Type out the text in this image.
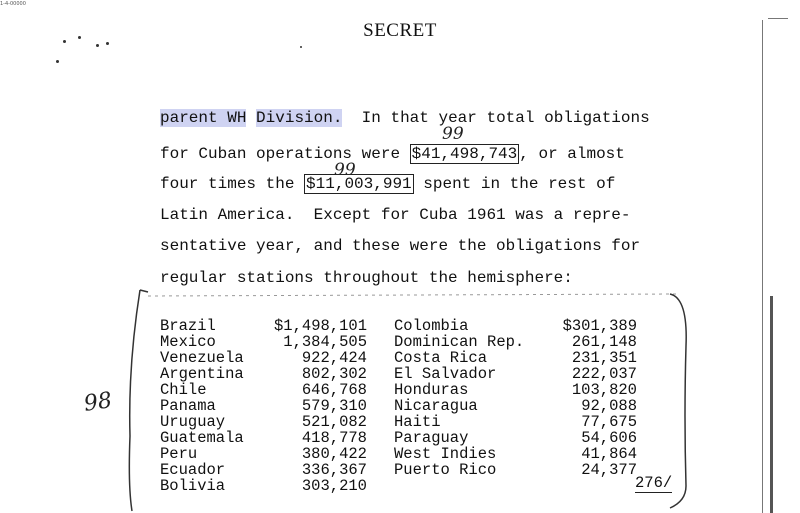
1-4-00000
SECRET
parent WH Division.  In that year total obligations
for Cuban operations were $41,498,743 , or almost
four times the $11,003,991 spent in the rest of
Latin America.  Except for Cuba 1961 was a repre-
sentative year, and these were the obligations for
regular stations throughout the hemisphere:
99
99
98
Brazil	$1,498,101 Colombia	$301,389
Mexico	1,384,505 Dominican Rep.	261,148
Venezuela	922,424 Costa Rica	231,351
Argentina	802,302 El Salvador	222,037
Chile	646,768 Honduras	103,820
Panama	579,310 Nicaragua	92,088
Uruguay	521,082 Haiti	77,675
Guatemala	418,778 Paraguay	54,606
Peru	380,422 West Indies	41,864
Ecuador	336,367 Puerto Rico	24,377
Bolivia	303,210	276/
